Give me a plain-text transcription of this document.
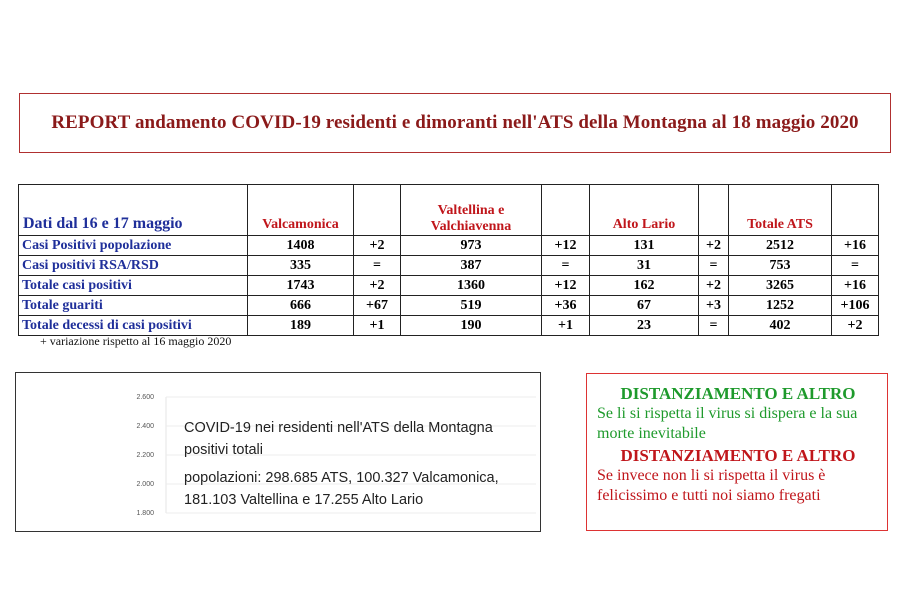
REPORT andamento COVID-19 residenti e dimoranti nell'ATS della Montagna al 18 maggio 2020
Dati dal 16 e 17 maggio	Valcamonica		Valtellina e Valchiavenna		Alto Lario		Totale ATS	
Casi Positivi popolazione	1408	+2	973	+12	131	+2	2512	+16
Casi positivi RSA/RSD	335	=	387	=	31	=	753	=
Totale casi positivi	1743	+2	1360	+12	162	+2	3265	+16
Totale guariti	666	+67	519	+36	67	+3	1252	+106
Totale decessi di casi positivi	189	+1	190	+1	23	=	402	+2
+ variazione rispetto al 16 maggio 2020
2.600
2.400
2.200
2.000
1.800
COVID-19 nei residenti nell'ATS della Montagna
positivi totali
popolazioni: 298.685 ATS, 100.327 Valcamonica,
181.103 Valtellina e 17.255 Alto Lario
DISTANZIAMENTO E ALTRO
Se li si rispetta il virus si dispera e la sua morte inevitabile
DISTANZIAMENTO E ALTRO
Se invece non li si rispetta il virus è felicissimo e tutti noi siamo fregati
